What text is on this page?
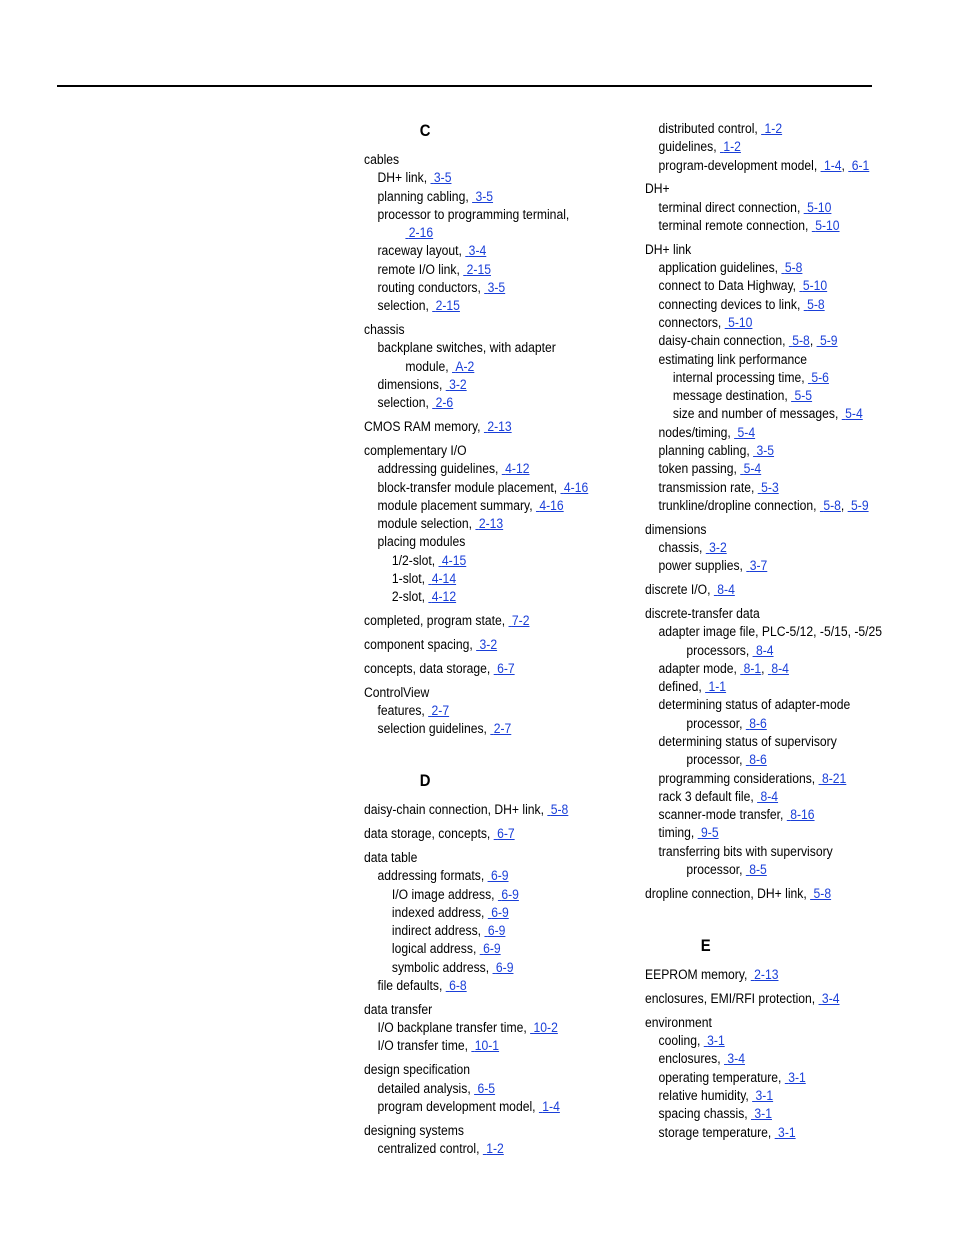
C
cables
DH+ link, 3-5
planning cabling, 3-5
processor to programming terminal,
2-16
raceway layout, 3-4
remote I/O link, 2-15
routing conductors, 3-5
selection, 2-15
chassis
backplane switches, with adapter
module, A-2
dimensions, 3-2
selection, 2-6
CMOS RAM memory, 2-13
complementary I/O
addressing guidelines, 4-12
block-transfer module placement, 4-16
module placement summary, 4-16
module selection, 2-13
placing modules
1/2-slot, 4-15
1-slot, 4-14
2-slot, 4-12
completed, program state, 7-2
component spacing, 3-2
concepts, data storage, 6-7
ControlView
features, 2-7
selection guidelines, 2-7
D
daisy-chain connection, DH+ link, 5-8
data storage, concepts, 6-7
data table
addressing formats, 6-9
I/O image address, 6-9
indexed address, 6-9
indirect address, 6-9
logical address, 6-9
symbolic address, 6-9
file defaults, 6-8
data transfer
I/O backplane transfer time, 10-2
I/O transfer time, 10-1
design specification
detailed analysis, 6-5
program development model, 1-4
designing systems
centralized control, 1-2
distributed control, 1-2
guidelines, 1-2
program-development model, 1-4, 6-1
DH+
terminal direct connection, 5-10
terminal remote connection, 5-10
DH+ link
application guidelines, 5-8
connect to Data Highway, 5-10
connecting devices to link, 5-8
connectors, 5-10
daisy-chain connection, 5-8, 5-9
estimating link performance
internal processing time, 5-6
message destination, 5-5
size and number of messages, 5-4
nodes/timing, 5-4
planning cabling, 3-5
token passing, 5-4
transmission rate, 5-3
trunkline/dropline connection, 5-8, 5-9
dimensions
chassis, 3-2
power supplies, 3-7
discrete I/O, 8-4
discrete-transfer data
adapter image file, PLC-5/12, -5/15, -5/25
processors, 8-4
adapter mode, 8-1, 8-4
defined, 1-1
determining status of adapter-mode
processor, 8-6
determining status of supervisory
processor, 8-6
programming considerations, 8-21
rack 3 default file, 8-4
scanner-mode transfer, 8-16
timing, 9-5
transferring bits with supervisory
processor, 8-5
dropline connection, DH+ link, 5-8
E
EEPROM memory, 2-13
enclosures, EMI/RFI protection, 3-4
environment
cooling, 3-1
enclosures, 3-4
operating temperature, 3-1
relative humidity, 3-1
spacing chassis, 3-1
storage temperature, 3-1
